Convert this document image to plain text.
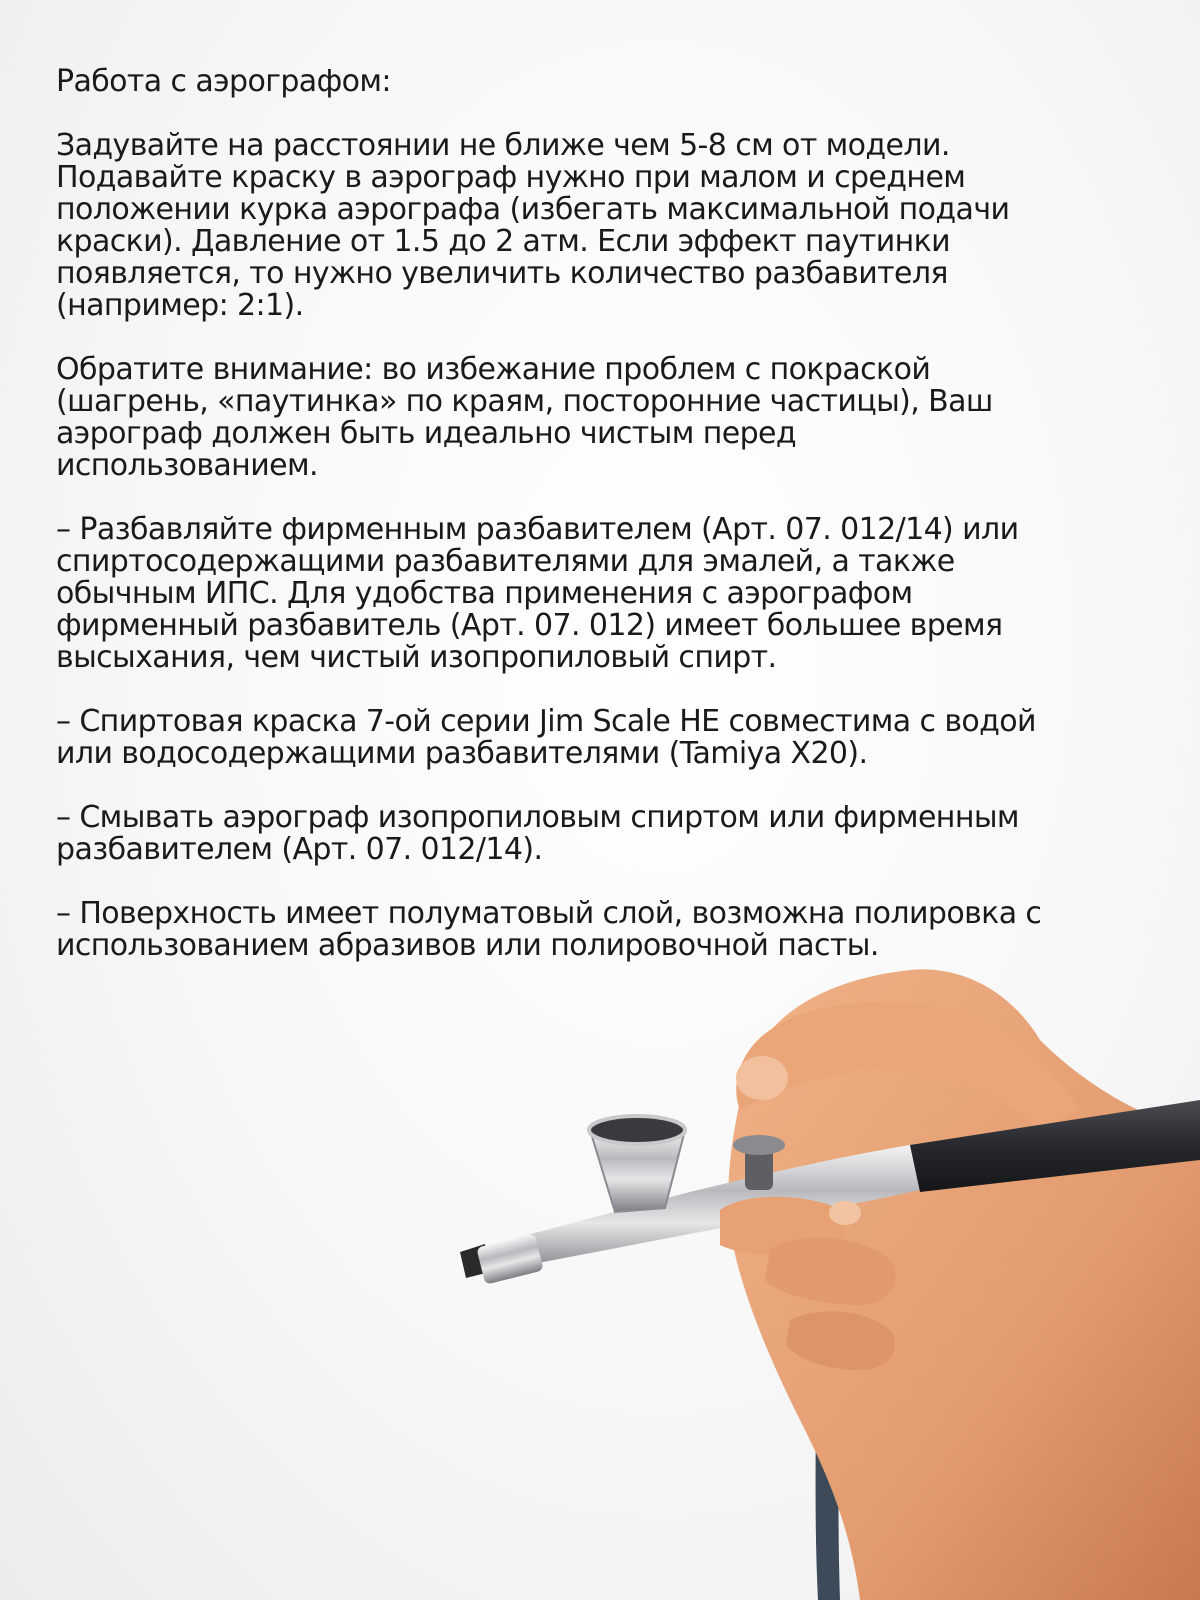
Работа с аэрографом:

Задувайте на расстоянии не ближе чем 5-8 см от модели.
Подавайте краску в аэрограф нужно при малом и среднем
положении курка аэрографа (избегать максимальной подачи
краски). Давление от 1.5 до 2 атм. Если эффект паутинки
появляется, то нужно увеличить количество разбавителя
(например: 2:1).

Обратите внимание: во избежание проблем с покраской
(шагрень, «паутинка» по краям, посторонние частицы), Ваш
аэрограф должен быть идеально чистым перед
использованием.

– Разбавляйте фирменным разбавителем (Арт. 07. 012/14) или
спиртосодержащими разбавителями для эмалей, а также
обычным ИПС. Для удобства применения с аэрографом
фирменный разбавитель (Арт. 07. 012) имеет большее время
высыхания, чем чистый изопропиловый спирт.

– Спиртовая краска 7-ой серии Jim Scale НЕ совместима с водой
или водосодержащими разбавителями (Tamiya X20).

– Смывать аэрограф изопропиловым спиртом или фирменным
разбавителем (Арт. 07. 012/14).

– Поверхность имеет полуматовый слой, возможна полировка с
использованием абразивов или полировочной пасты.
